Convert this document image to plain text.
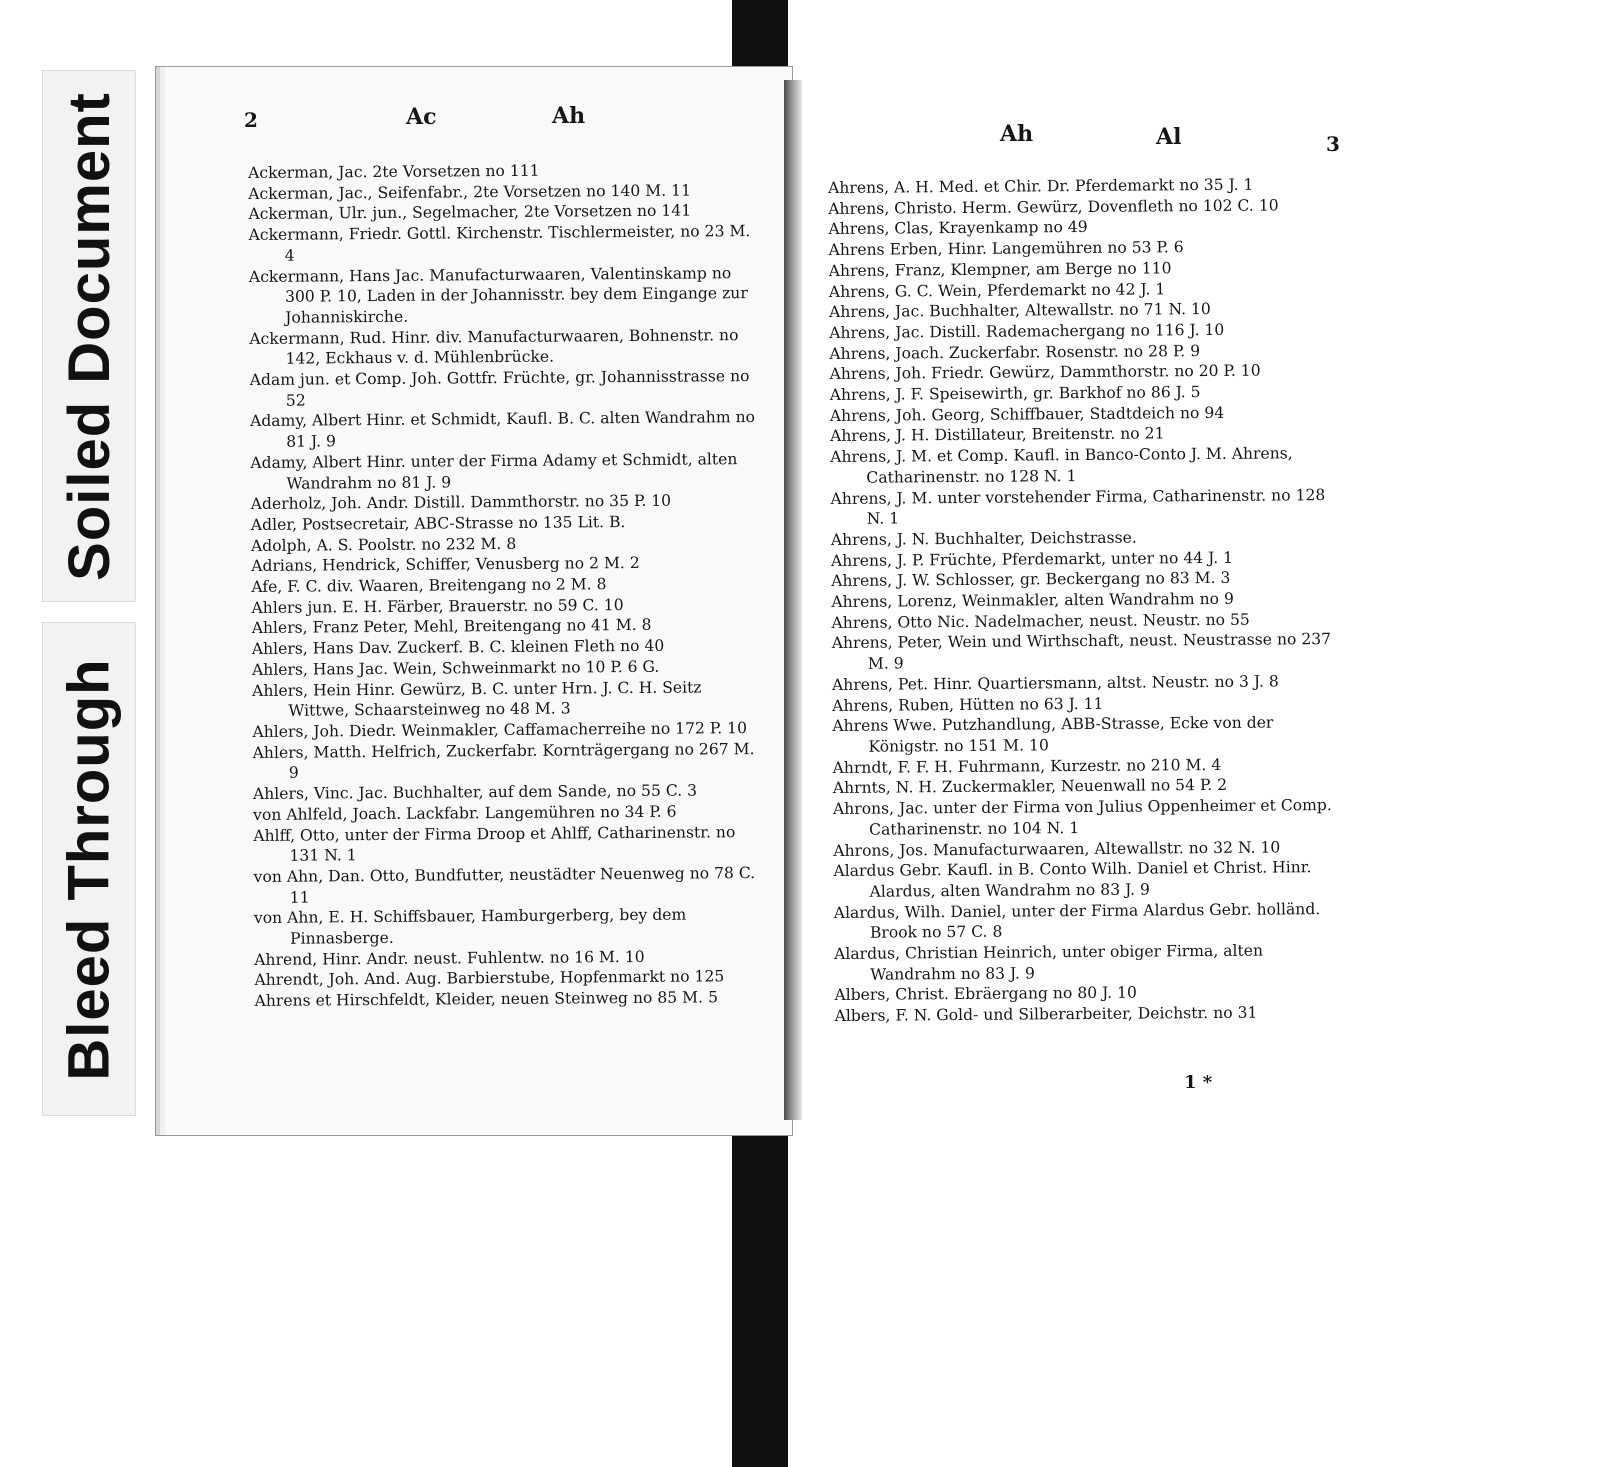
Soiled Document
Bleed Through
2	Ac	Ah
Ah	Al	3
Ackerman, Jac. 2te Vorsetzen no 111
Ackerman, Jac., Seifenfabr., 2te Vorsetzen no 140 M. 11
Ackerman, Ulr. jun., Segelmacher, 2te Vorsetzen no 141
Ackermann, Friedr. Gottl. Kirchenstr. Tischlermeister, no 23 M. 4
Ackermann, Hans Jac. Manufacturwaaren, Valentinskamp no 300 P. 10, Laden in der Johannisstr. bey dem Eingange zur Johanniskirche.
Ackermann, Rud. Hinr. div. Manufacturwaaren, Bohnenstr. no 142, Eckhaus v. d. Mühlenbrücke.
Adam jun. et Comp. Joh. Gottfr. Früchte, gr. Johannisstrasse no 52
Adamy, Albert Hinr. et Schmidt, Kaufl. B. C. alten Wandrahm no 81 J. 9
Adamy, Albert Hinr. unter der Firma Adamy et Schmidt, alten Wandrahm no 81 J. 9
Aderholz, Joh. Andr. Distill. Dammthorstr. no 35 P. 10
Adler, Postsecretair, ABC-Strasse no 135 Lit. B.
Adolph, A. S. Poolstr. no 232 M. 8
Adrians, Hendrick, Schiffer, Venusberg no 2 M. 2
Afe, F. C. div. Waaren, Breitengang no 2 M. 8
Ahlers jun. E. H. Färber, Brauerstr. no 59 C. 10
Ahlers, Franz Peter, Mehl, Breitengang no 41 M. 8
Ahlers, Hans Dav. Zuckerf. B. C. kleinen Fleth no 40
Ahlers, Hans Jac. Wein, Schweinmarkt no 10 P. 6 G.
Ahlers, Hein Hinr. Gewürz, B. C. unter Hrn. J. C. H. Seitz Wittwe, Schaarsteinweg no 48 M. 3
Ahlers, Joh. Diedr. Weinmakler, Caffamacherreihe no 172 P. 10
Ahlers, Matth. Helfrich, Zuckerfabr. Kornträgergang no 267 M. 9
Ahlers, Vinc. Jac. Buchhalter, auf dem Sande, no 55 C. 3
von Ahlfeld, Joach. Lackfabr. Langemühren no 34 P. 6
Ahlff, Otto, unter der Firma Droop et Ahlff, Catharinenstr. no 131 N. 1
von Ahn, Dan. Otto, Bundfutter, neustädter Neuenweg no 78 C. 11
von Ahn, E. H. Schiffsbauer, Hamburgerberg, bey dem Pinnasberge.
Ahrend, Hinr. Andr. neust. Fuhlentw. no 16 M. 10
Ahrendt, Joh. And. Aug. Barbierstube, Hopfenmarkt no 125
Ahrens et Hirschfeldt, Kleider, neuen Steinweg no 85 M. 5
Ahrens, A. H. Med. et Chir. Dr. Pferdemarkt no 35 J. 1
Ahrens, Christo. Herm. Gewürz, Dovenfleth no 102 C. 10
Ahrens, Clas, Krayenkamp no 49
Ahrens Erben, Hinr. Langemühren no 53 P. 6
Ahrens, Franz, Klempner, am Berge no 110
Ahrens, G. C. Wein, Pferdemarkt no 42 J. 1
Ahrens, Jac. Buchhalter, Altewallstr. no 71 N. 10
Ahrens, Jac. Distill. Rademachergang no 116 J. 10
Ahrens, Joach. Zuckerfabr. Rosenstr. no 28 P. 9
Ahrens, Joh. Friedr. Gewürz, Dammthorstr. no 20 P. 10
Ahrens, J. F. Speisewirth, gr. Barkhof no 86 J. 5
Ahrens, Joh. Georg, Schiffbauer, Stadtdeich no 94
Ahrens, J. H. Distillateur, Breitenstr. no 21
Ahrens, J. M. et Comp. Kaufl. in Banco-Conto J. M. Ahrens, Catharinenstr. no 128 N. 1
Ahrens, J. M. unter vorstehender Firma, Catharinenstr. no 128 N. 1
Ahrens, J. N. Buchhalter, Deichstrasse.
Ahrens, J. P. Früchte, Pferdemarkt, unter no 44 J. 1
Ahrens, J. W. Schlosser, gr. Beckergang no 83 M. 3
Ahrens, Lorenz, Weinmakler, alten Wandrahm no 9
Ahrens, Otto Nic. Nadelmacher, neust. Neustr. no 55
Ahrens, Peter, Wein und Wirthschaft, neust. Neustrasse no 237 M. 9
Ahrens, Pet. Hinr. Quartiersmann, altst. Neustr. no 3 J. 8
Ahrens, Ruben, Hütten no 63 J. 11
Ahrens Wwe. Putzhandlung, ABB-Strasse, Ecke von der Königstr. no 151 M. 10
Ahrndt, F. F. H. Fuhrmann, Kurzestr. no 210 M. 4
Ahrnts, N. H. Zuckermakler, Neuenwall no 54 P. 2
Ahrons, Jac. unter der Firma von Julius Oppenheimer et Comp. Catharinenstr. no 104 N. 1
Ahrons, Jos. Manufacturwaaren, Altewallstr. no 32 N. 10
Alardus Gebr. Kaufl. in B. Conto Wilh. Daniel et Christ. Hinr. Alardus, alten Wandrahm no 83 J. 9
Alardus, Wilh. Daniel, unter der Firma Alardus Gebr. holländ. Brook no 57 C. 8
Alardus, Christian Heinrich, unter obiger Firma, alten Wandrahm no 83 J. 9
Albers, Christ. Ebräergang no 80 J. 10
Albers, F. N. Gold- und Silberarbeiter, Deichstr. no 31
1 *
